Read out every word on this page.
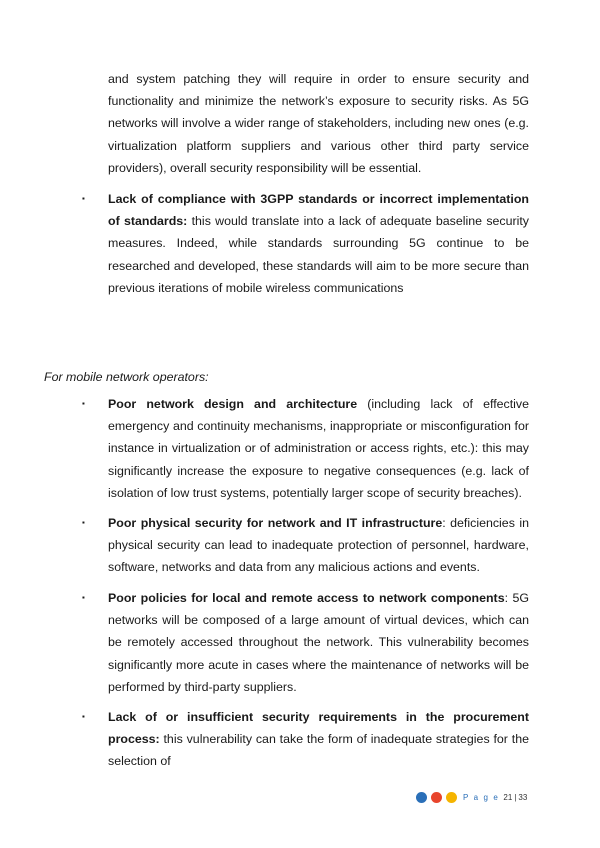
and system patching they will require in order to ensure security and functionality and minimize the network’s exposure to security risks. As 5G networks will involve a wider range of stakeholders, including new ones (e.g. virtualization platform suppliers and various other third party service providers), overall security responsibility will be essential.

▪ Lack of compliance with 3GPP standards or incorrect implementation of standards: this would translate into a lack of adequate baseline security measures. Indeed, while standards surrounding 5G continue to be researched and developed, these standards will aim to be more secure than previous iterations of mobile wireless communications

For mobile network operators:

▪ Poor network design and architecture (including lack of effective emergency and continuity mechanisms, inappropriate or misconfiguration for instance in virtualization or of administration or access rights, etc.): this may significantly increase the exposure to negative consequences (e.g. lack of isolation of low trust systems, potentially larger scope of security breaches).

▪ Poor physical security for network and IT infrastructure: deficiencies in physical security can lead to inadequate protection of personnel, hardware, software, networks and data from any malicious actions and events.

▪ Poor policies for local and remote access to network components: 5G networks will be composed of a large amount of virtual devices, which can be remotely accessed throughout the network. This vulnerability becomes significantly more acute in cases where the maintenance of networks will be performed by third-party suppliers.

▪ Lack of or insufficient security requirements in the procurement process: this vulnerability can take the form of inadequate strategies for the selection of

P a g e 21 | 33
